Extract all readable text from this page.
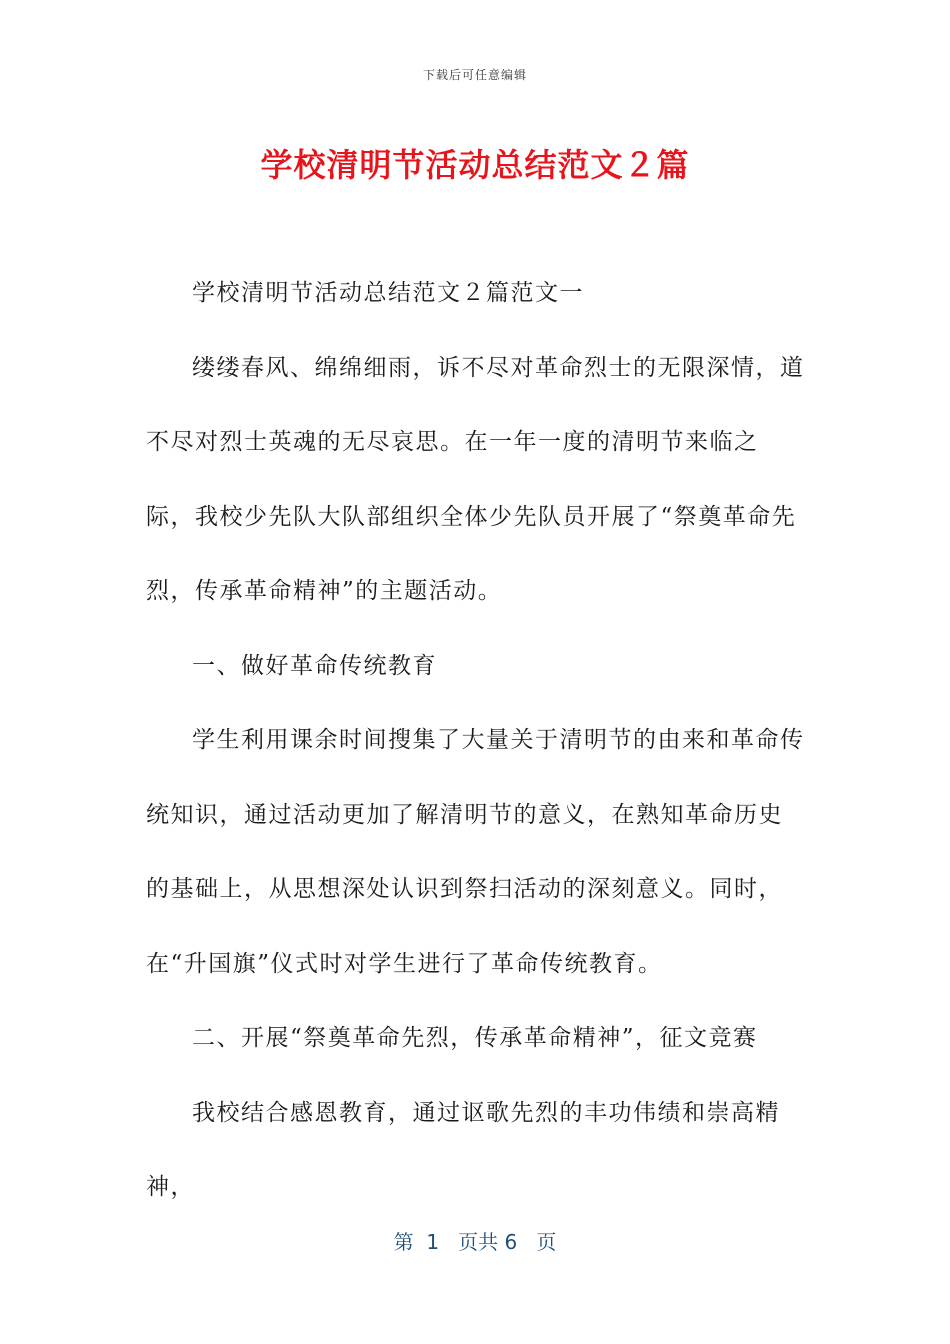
下载后可任意编辑
学校清明节活动总结范文２篇

学校清明节活动总结范文２篇范文一

缕缕春风、绵绵细雨，诉不尽对革命烈士的无限深情，道不尽对烈士英魂的无尽哀思。在一年一度的清明节来临之际，我校少先队大队部组织全体少先队员开展了“祭奠革命先烈，传承革命精神”的主题活动。

一、做好革命传统教育

学生利用课余时间搜集了大量关于清明节的由来和革命传统知识，通过活动更加了解清明节的意义，在熟知革命历史的基础上，从思想深处认识到祭扫活动的深刻意义。同时，在“升国旗”仪式时对学生进行了革命传统教育。

二、开展“祭奠革命先烈，传承革命精神”，征文竞赛

我校结合感恩教育，通过讴歌先烈的丰功伟绩和崇高精神，

第  1   页共 6   页
